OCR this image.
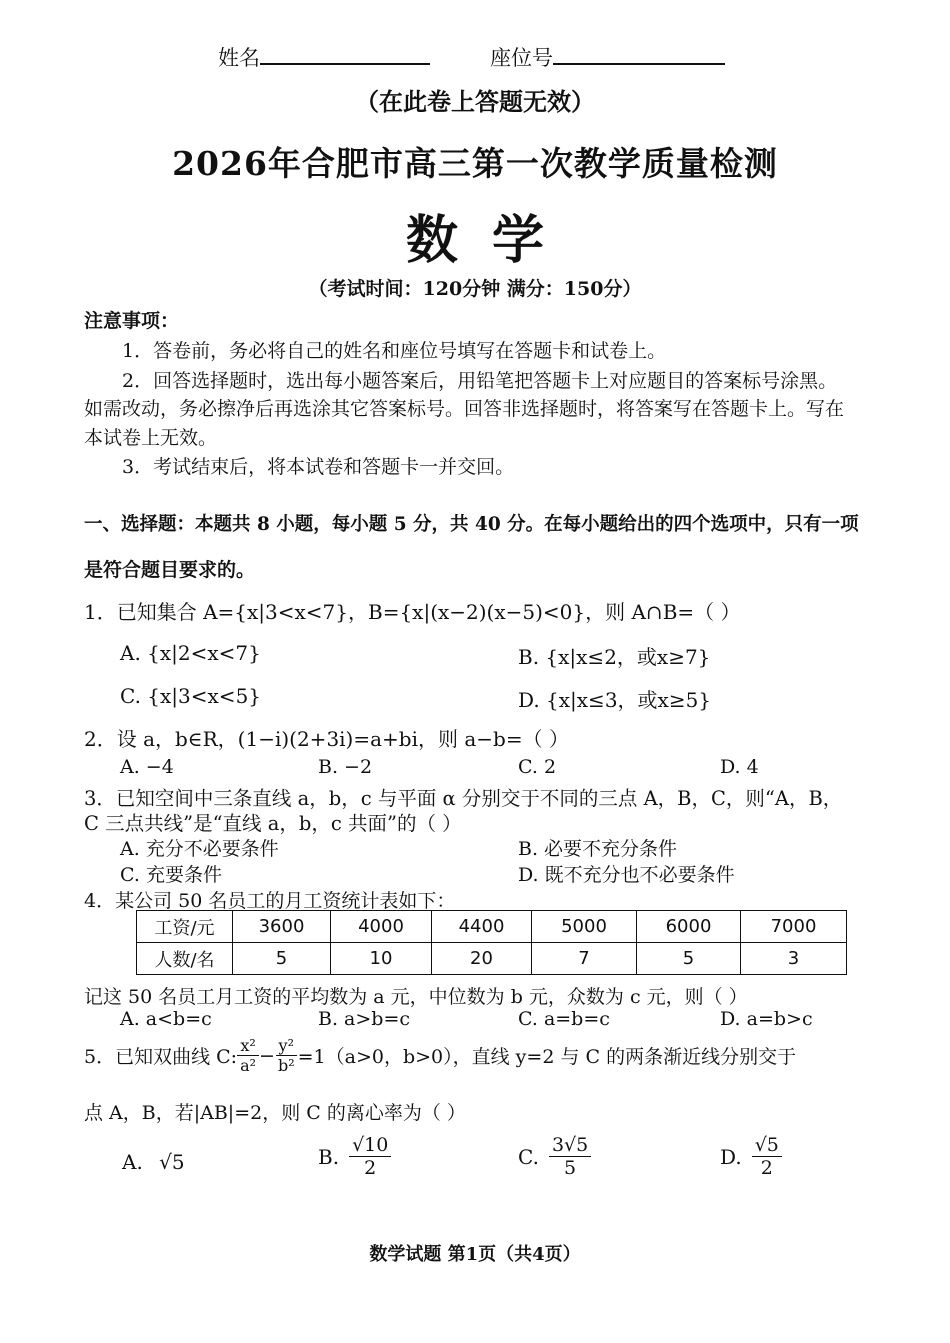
姓名	座位号
（在此卷上答题无效）
2026年合肥市高三第一次教学质量检测
数学
（考试时间：120分钟 满分：150分）
注意事项：
1．答卷前，务必将自己的姓名和座位号填写在答题卡和试卷上。
2．回答选择题时，选出每小题答案后，用铅笔把答题卡上对应题目的答案标号涂黑。
如需改动，务必擦净后再选涂其它答案标号。回答非选择题时，将答案写在答题卡上。写在
本试卷上无效。
3．考试结束后，将本试卷和答题卡一并交回。
一、选择题：本题共 8 小题，每小题 5 分，共 40 分。在每小题给出的四个选项中，只有一项
是符合题目要求的。
1．已知集合 A={x|3<x<7}，B={x|(x−2)(x−5)<0}，则 A∩B=（ ）
A. {x|2<x<7}	B. {x|x≤2，或x≥7}
C. {x|3<x<5}	D. {x|x≤3，或x≥5}
2．设 a，b∈R，(1−i)(2+3i)=a+bi，则 a−b=（ ）
A. −4	B. −2	C. 2	D. 4
3．已知空间中三条直线 a，b，c 与平面 α 分别交于不同的三点 A，B，C，则“A，B，
C 三点共线”是“直线 a，b，c 共面”的（ ）
A. 充分不必要条件	B. 必要不充分条件
C. 充要条件	D. 既不充分也不必要条件
4．某公司 50 名员工的月工资统计表如下：
工资/元	3600	4000	4400	5000	6000	7000
人数/名	5	10	20	7	5	3
记这 50 名员工月工资的平均数为 a 元，中位数为 b 元，众数为 c 元，则（ ）
A. a<b=c	B. a>b=c	C. a=b=c	D. a=b>c
5．已知双曲线 C: $\frac{\text{x²}}{\text{a²}} - \frac{\text{y²}}{\text{b²}} =1(a>0$，b>0），直线 y=2 与 C 的两条渐近线分别交于
点 A，B，若|AB|=2，则 C 的离心率为（ ）
A. √5	B. $\frac{√10}{2}$	C. $\frac{3√5}{5}$	D. $\frac{√5}{2}$
数学试题 第1页（共4页）
